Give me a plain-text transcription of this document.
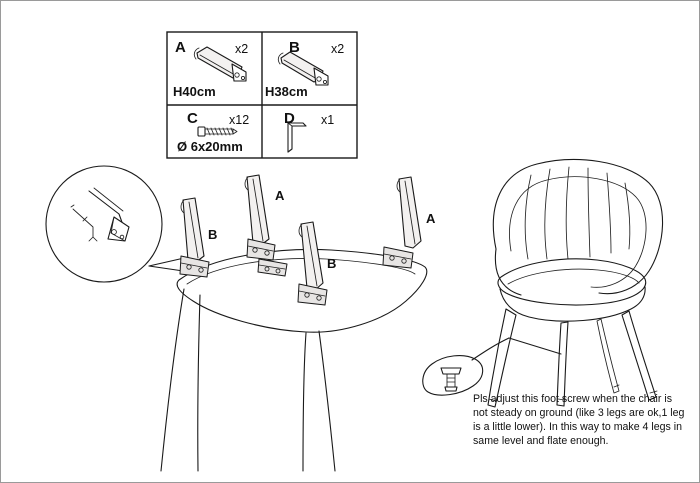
A	x2
H40cm
B x2
H38cm
C x12
Ø 6x20mm
D x1
A
B
B
A
Pls adjust this foot screw when the chair is not steady on ground (like 3 legs are ok,1 leg is a little lower). In this way to make 4 legs in same level and flate enough.
